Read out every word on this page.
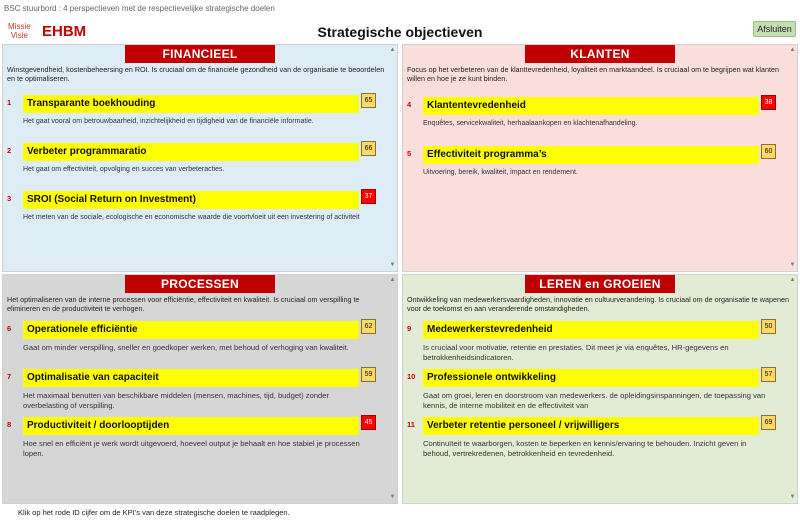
BSC stuurbord : 4 perspectieven met de respectievelijke strategische doelen
Missie
Visie EHBM	Strategische objectieven	Afsluiten
FINANCIEEL
Winstgevendheid, kostenbeheersing en ROI. Is cruciaal om de financiële gezondheid van de organisatie te beoordelen en te optimaliseren.
1	Transparante boekhouding	65
Het gaat vooral om betrouwbaarheid, inzichtelijkheid en tijdigheid van de financiële informatie.
2	Verbeter programmaratio	66
Het gaat om effectiviteit, opvolging en succes van verbeteracties.
3	SROI (Social Return on Investment)	37
Het meten van de sociale, ecologische en economische waarde die voortvloeit uit een investering of activiteit
▲
▼
KLANTEN
Focus op het verbeteren van de klanttevredenheid, loyaliteit en marktaandeel. Is cruciaal om te begrijpen wat klanten willen en hoe je ze kunt binden.
4	Klantentevredenheid	38
Enquêtes, servicekwaliteit, herhaalaankopen en klachtenafhandeling.
5	Effectiviteit programma’s	60
Uitvoering, bereik, kwaliteit, impact en rendement.
▲
▼
PROCESSEN
Het optimaliseren van de interne processen voor efficiëntie, effectiviteit en kwaliteit. Is cruciaal om verspilling te elimineren en de productiviteit te verhogen.
6	Operationele efficiëntie	62
Gaat om minder verspilling, sneller en goedkoper werken, met behoud of verhoging van kwaliteit.
7	Optimalisatie van capaciteit	59
Het maximaal benutten van beschikbare middelen (mensen, machines, tijd, budget) zonder overbelasting of verspilling.
8	Productiviteit / doorlooptijden	45
Hoe snel en efficiënt je werk wordt uitgevoerd, hoeveel output je behaalt en hoe stabiel je processen lopen.
▲
▼
LEREN en GROEIEN
Ontwikkeling van medewerkersvaardigheden, innovatie en cultuurverandering. Is cruciaal om de organisatie te wapenen voor de toekomst en aan veranderende omstandigheden.
9	Medewerkerstevredenheid	50
Is cruciaal voor motivatie, retentie en prestaties. Dit meet je via enquêtes, HR-gegevens en betrokkenheidsindicatoren.
10	Professionele ontwikkeling	57
Gaat om groei, leren en doorstroom van medewerkers. de opleidingsinspanningen, de toepassing van kennis, de interne mobiliteit en de effectiviteit van
11	Verbeter retentie personeel / vrijwilligers	69
Continuïteit te waarborgen, kosten te beperken en kennis/ervaring te behouden. Inzicht geven in behoud, vertrekredenen, betrokkenheid en tevredenheid.
▲
▼
Klik op het rode ID cijfer om de KPI’s van deze strategische doelen te raadplegen.
